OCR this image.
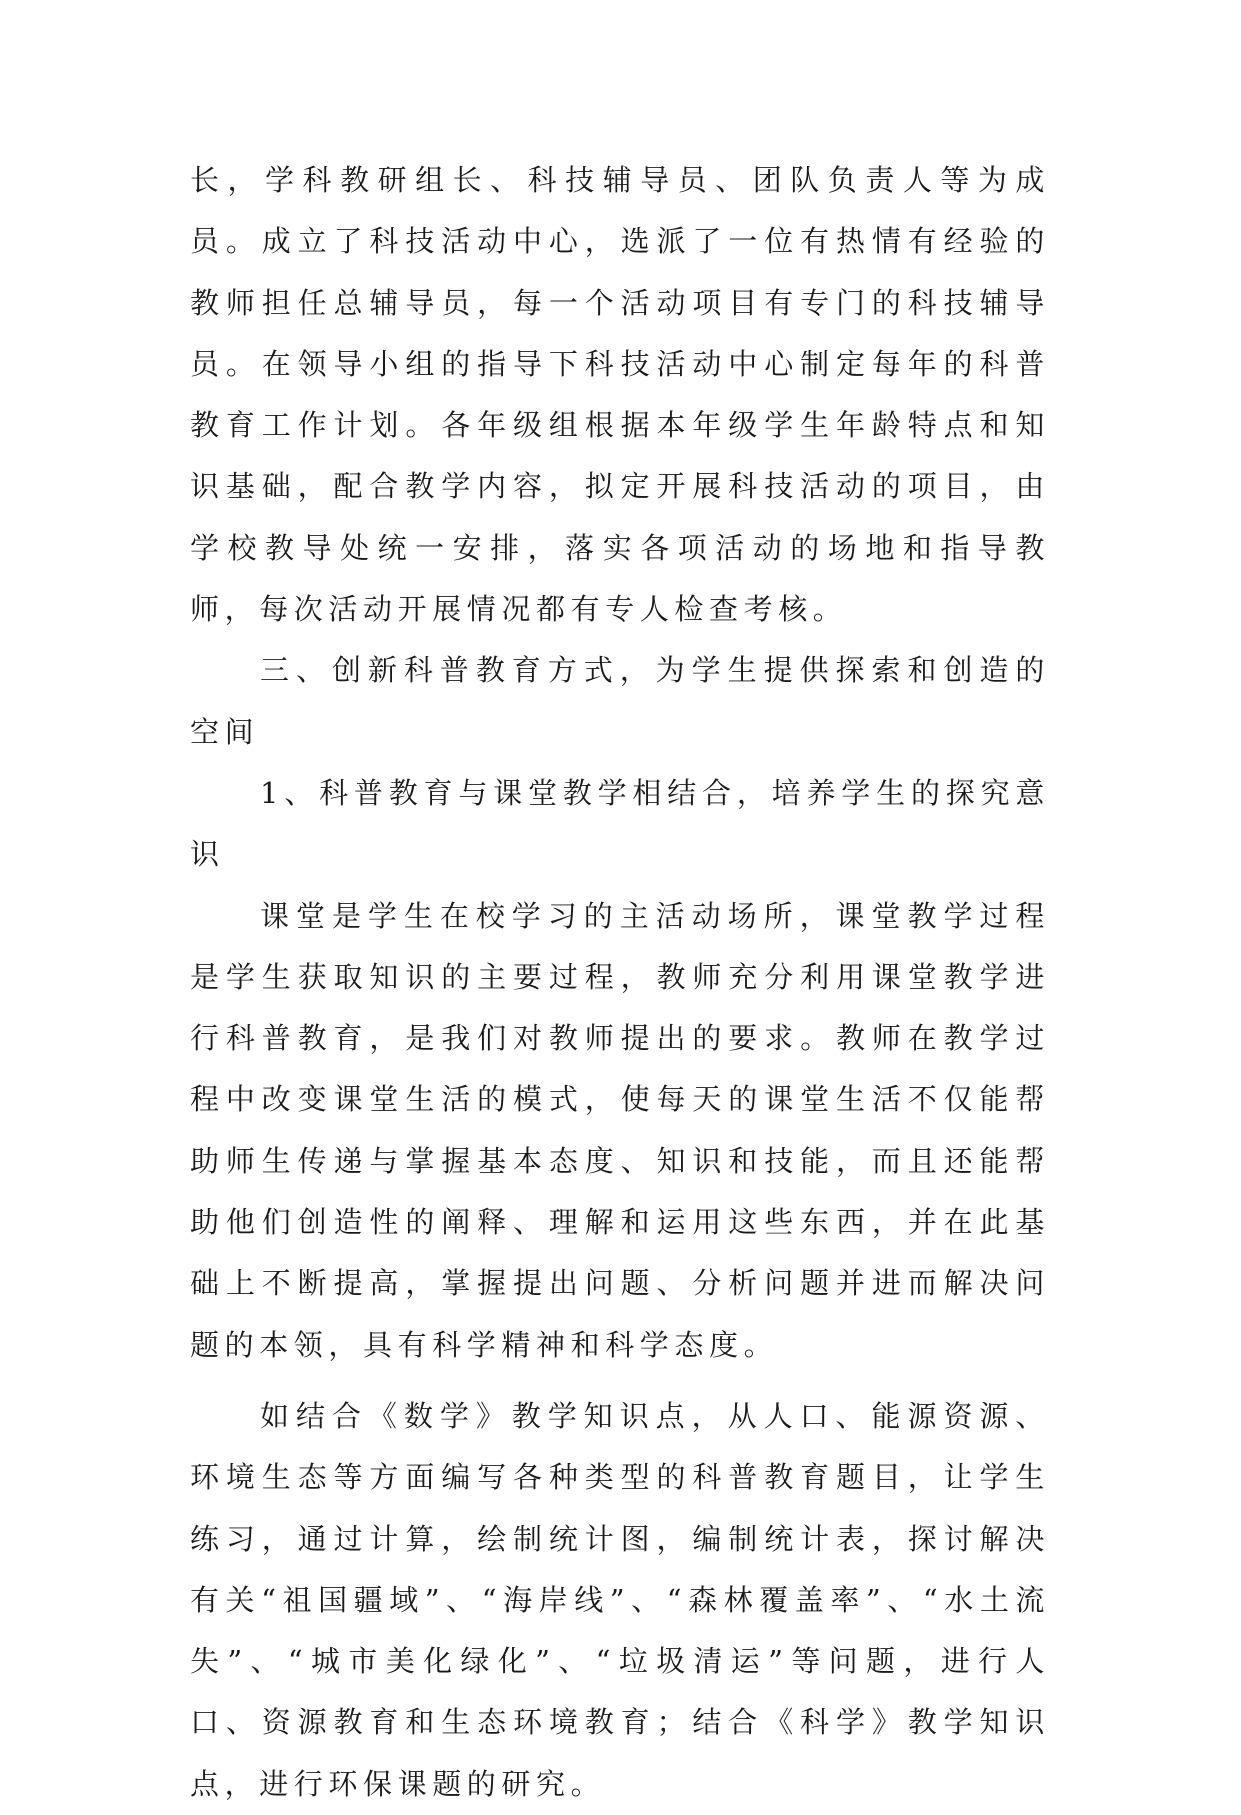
长，学科教研组长、科技辅导员、团队负责人等为成员。成立了科技活动中心，选派了一位有热情有经验的教师担任总辅导员，每一个活动项目有专门的科技辅导员。在领导小组的指导下科技活动中心制定每年的科普教育工作计划。各年级组根据本年级学生年龄特点和知识基础，配合教学内容，拟定开展科技活动的项目，由学校教导处统一安排，落实各项活动的场地和指导教师，每次活动开展情况都有专人检查考核。

三、创新科普教育方式，为学生提供探索和创造的空间

1、科普教育与课堂教学相结合，培养学生的探究意识

课堂是学生在校学习的主活动场所，课堂教学过程是学生获取知识的主要过程，教师充分利用课堂教学进行科普教育，是我们对教师提出的要求。教师在教学过程中改变课堂生活的模式，使每天的课堂生活不仅能帮助师生传递与掌握基本态度、知识和技能，而且还能帮助他们创造性的阐释、理解和运用这些东西，并在此基础上不断提高，掌握提出问题、分析问题并进而解决问题的本领，具有科学精神和科学态度。

如结合《数学》教学知识点，从人口、能源资源、环境生态等方面编写各种类型的科普教育题目，让学生练习，通过计算，绘制统计图，编制统计表，探讨解决有关“祖国疆域”、“海岸线”、“森林覆盖率”、“水土流失”、“城市美化绿化”、“垃圾清运”等问题，进行人口、资源教育和生态环境教育；结合《科学》教学知识点，进行环保课题的研究。
